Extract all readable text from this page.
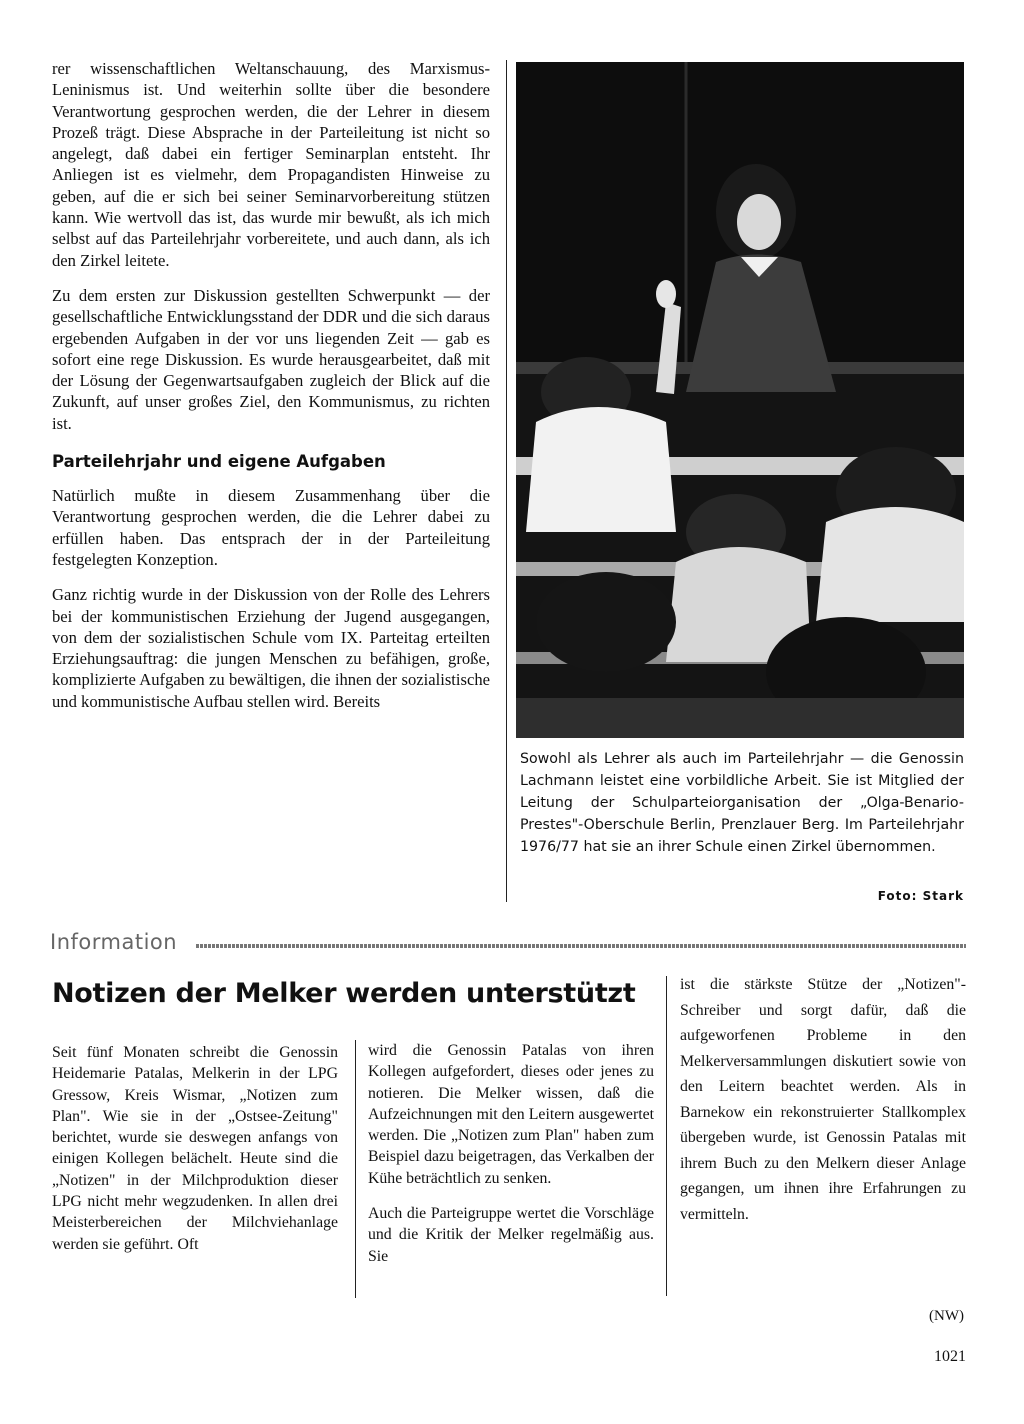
rer wissenschaftlichen Weltanschauung, des Marxismus-Leninismus ist. Und weiterhin sollte über die besondere Verantwortung gesprochen werden, die der Lehrer in diesem Prozeß trägt. Diese Absprache in der Parteileitung ist nicht so angelegt, daß dabei ein fertiger Seminarplan entsteht. Ihr Anliegen ist es vielmehr, dem Propagandisten Hinweise zu geben, auf die er sich bei seiner Seminarvorbereitung stützen kann. Wie wertvoll das ist, das wurde mir bewußt, als ich mich selbst auf das Parteilehrjahr vorbereitete, und auch dann, als ich den Zirkel leitete.

Zu dem ersten zur Diskussion gestellten Schwerpunkt — der gesellschaftliche Entwicklungsstand der DDR und die sich daraus ergebenden Aufgaben in der vor uns liegenden Zeit — gab es sofort eine rege Diskussion. Es wurde herausgearbeitet, daß mit der Lösung der Gegenwartsaufgaben zugleich der Blick auf die Zukunft, auf unser großes Ziel, den Kommunismus, zu richten ist.

Parteilehrjahr und eigene Aufgaben

Natürlich mußte in diesem Zusammenhang über die Verantwortung gesprochen werden, die die Lehrer dabei zu erfüllen haben. Das entsprach der in der Parteileitung festgelegten Konzeption.

Ganz richtig wurde in der Diskussion von der Rolle des Lehrers bei der kommunistischen Erziehung der Jugend ausgegangen, von dem der sozialistischen Schule vom IX. Parteitag erteilten Erziehungsauftrag: die jungen Menschen zu befähigen, große, komplizierte Aufgaben zu bewältigen, die ihnen der sozialistische und kommunistische Aufbau stellen wird. Bereits

Sowohl als Lehrer als auch im Parteilehrjahr — die Genossin Lachmann leistet eine vorbildliche Arbeit. Sie ist Mitglied der Leitung der Schulparteiorganisation der „Olga-Benario-Prestes"-Oberschule Berlin, Prenzlauer Berg. Im Parteilehrjahr 1976/77 hat sie an ihrer Schule einen Zirkel übernommen.
Foto: Stark
Information
Notizen der Melker werden unterstützt

Seit fünf Monaten schreibt die Genossin Heidemarie Patalas, Melkerin in der LPG Gressow, Kreis Wismar, „Notizen zum Plan". Wie sie in der „Ostsee-Zeitung" berichtet, wurde sie deswegen anfangs von einigen Kollegen belächelt. Heute sind die „Notizen" in der Milchproduktion dieser LPG nicht mehr wegzudenken. In allen drei Meisterbereichen der Milchviehanlage werden sie geführt. Oft

wird die Genossin Patalas von ihren Kollegen aufgefordert, dieses oder jenes zu notieren. Die Melker wissen, daß die Aufzeichnungen mit den Leitern ausgewertet werden. Die „Notizen zum Plan" haben zum Beispiel dazu beigetragen, das Verkalben der Kühe beträchtlich zu senken.

Auch die Parteigruppe wertet die Vorschläge und die Kritik der Melker regelmäßig aus. Sie

ist die stärkste Stütze der „Notizen"-Schreiber und sorgt dafür, daß die aufgeworfenen Probleme in den Melkerversammlungen diskutiert sowie von den Leitern beachtet werden. Als in Barnekow ein rekonstruierter Stallkomplex übergeben wurde, ist Genossin Patalas mit ihrem Buch zu den Melkern dieser Anlage gegangen, um ihnen ihre Erfahrungen zu vermitteln.

(NW)
1021
